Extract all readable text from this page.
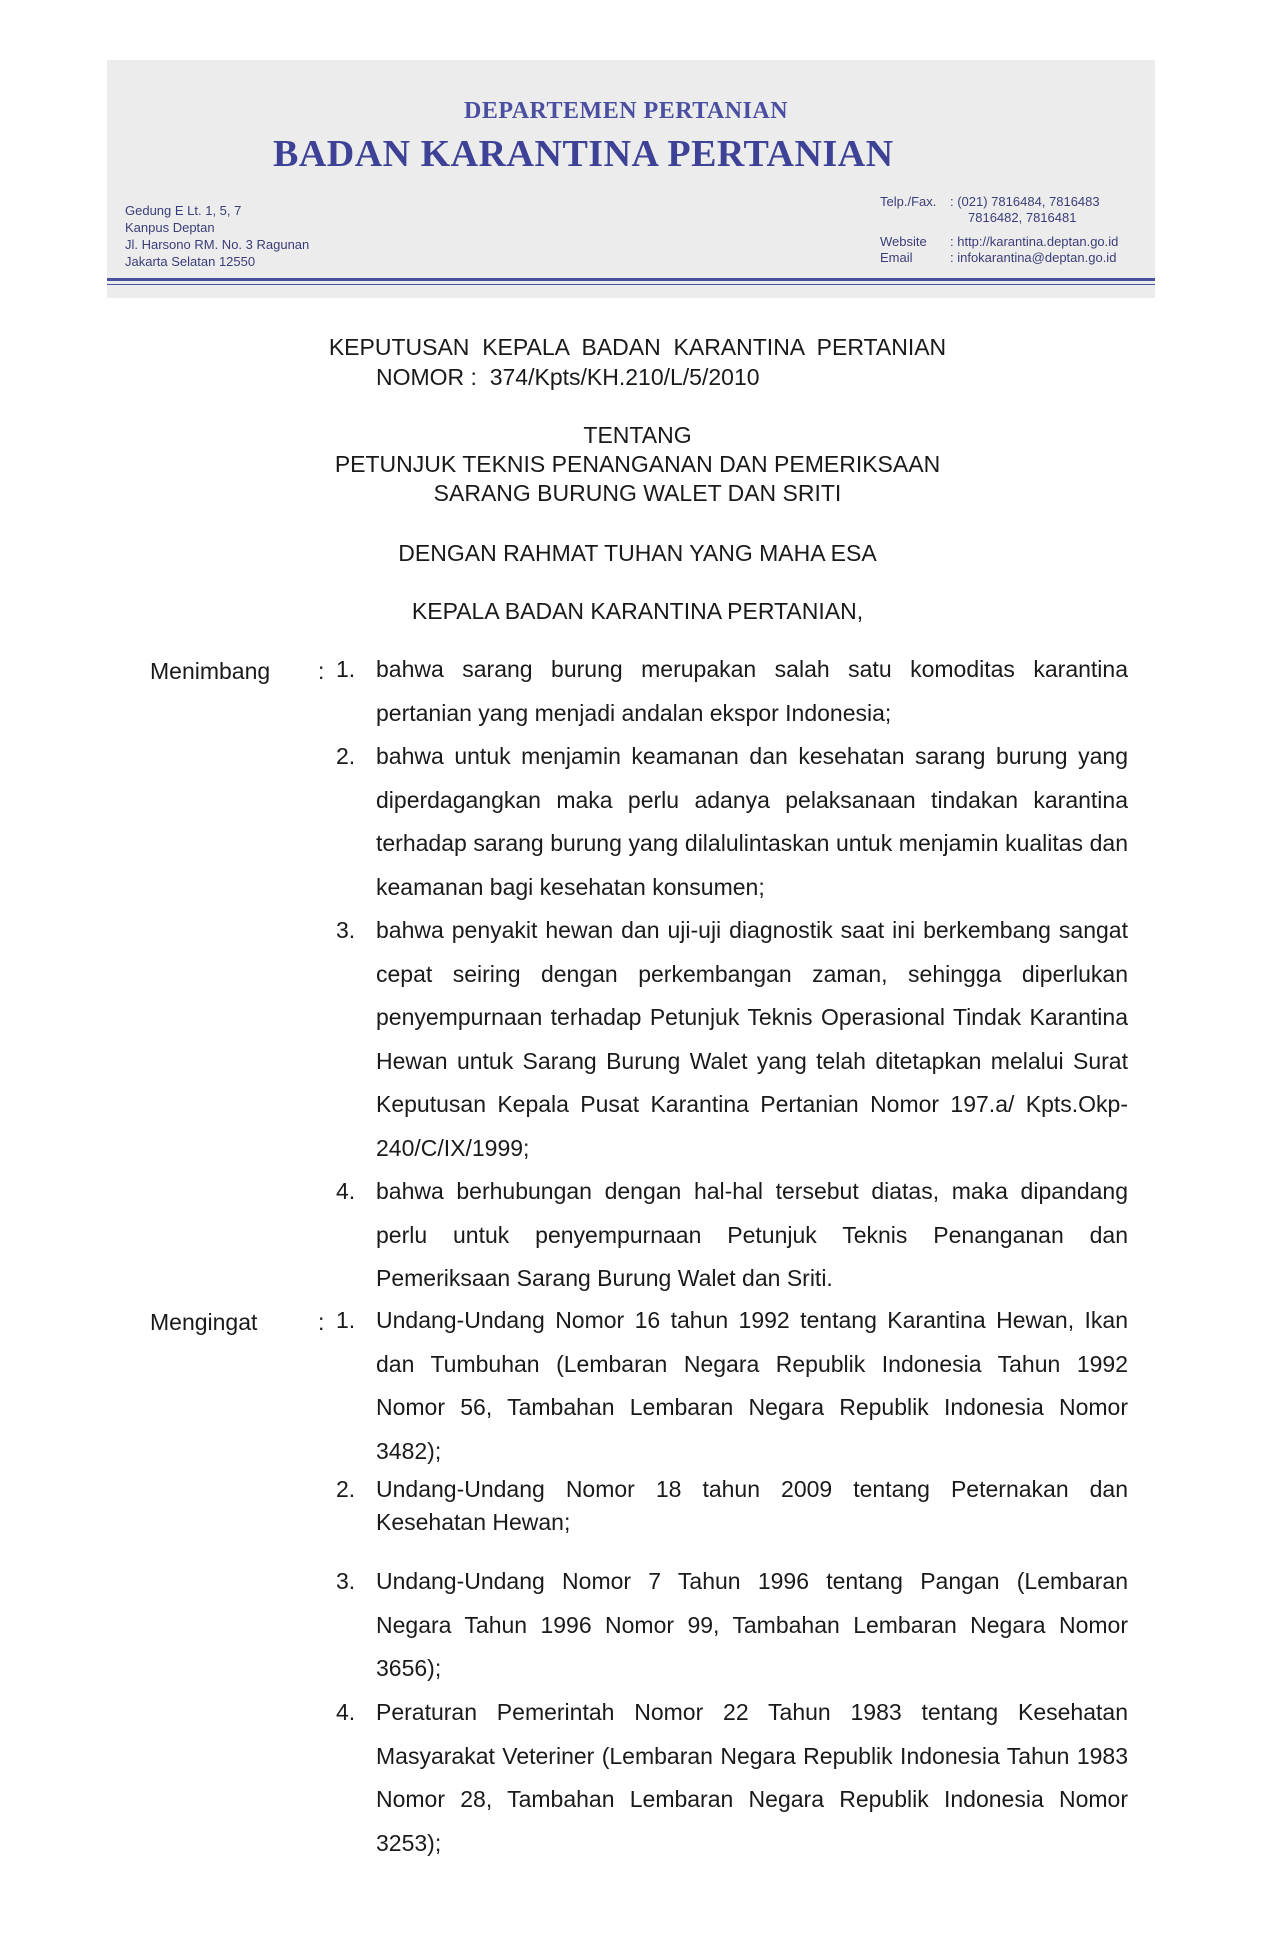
DEPARTEMEN PERTANIAN
BADAN KARANTINA PERTANIAN
Gedung E Lt. 1, 5, 7
Kanpus Deptan
Jl. Harsono RM. No. 3 Ragunan
Jakarta Selatan 12550
Telp./Fax.	: (021) 7816484, 7816483
7816482, 7816481
Website	: http://karantina.deptan.go.id
Email	: infokarantina@deptan.go.id
KEPUTUSAN  KEPALA  BADAN  KARANTINA  PERTANIAN
NOMOR :  374/Kpts/KH.210/L/5/2010
TENTANG
PETUNJUK TEKNIS PENANGANAN DAN PEMERIKSAAN
SARANG BURUNG WALET DAN SRITI
DENGAN RAHMAT TUHAN YANG MAHA ESA
KEPALA BADAN KARANTINA PERTANIAN,
Menimbang : 1. bahwa sarang burung merupakan salah satu komoditas karantina pertanian yang menjadi andalan ekspor Indonesia;
2. bahwa untuk menjamin keamanan dan kesehatan sarang burung yang diperdagangkan maka perlu adanya pelaksanaan tindakan karantina terhadap sarang burung yang dilalulintaskan untuk menjamin kualitas dan keamanan bagi kesehatan konsumen;
3. bahwa penyakit hewan dan uji-uji diagnostik saat ini berkembang sangat cepat seiring dengan perkembangan zaman, sehingga diperlukan penyempurnaan terhadap Petunjuk Teknis Operasional Tindak Karantina Hewan untuk Sarang Burung Walet yang telah ditetapkan melalui Surat Keputusan Kepala Pusat Karantina Pertanian Nomor 197.a/ Kpts.Okp-240/C/IX/1999;
4. bahwa berhubungan dengan hal-hal tersebut diatas, maka dipandang perlu untuk penyempurnaan Petunjuk Teknis Penanganan dan Pemeriksaan Sarang Burung Walet dan Sriti.
Mengingat	: 1. Undang-Undang Nomor 16 tahun 1992 tentang Karantina Hewan, Ikan dan Tumbuhan (Lembaran Negara Republik Indonesia Tahun 1992 Nomor 56, Tambahan Lembaran Negara Republik Indonesia Nomor 3482);
2. Undang-Undang Nomor 18 tahun 2009 tentang Peternakan dan Kesehatan Hewan;
3. Undang-Undang Nomor 7 Tahun 1996 tentang Pangan (Lembaran Negara Tahun 1996 Nomor 99, Tambahan Lembaran Negara Nomor 3656);
4. Peraturan Pemerintah Nomor 22 Tahun 1983 tentang Kesehatan Masyarakat Veteriner (Lembaran Negara Republik Indonesia Tahun 1983 Nomor 28, Tambahan Lembaran Negara Republik Indonesia Nomor 3253);
